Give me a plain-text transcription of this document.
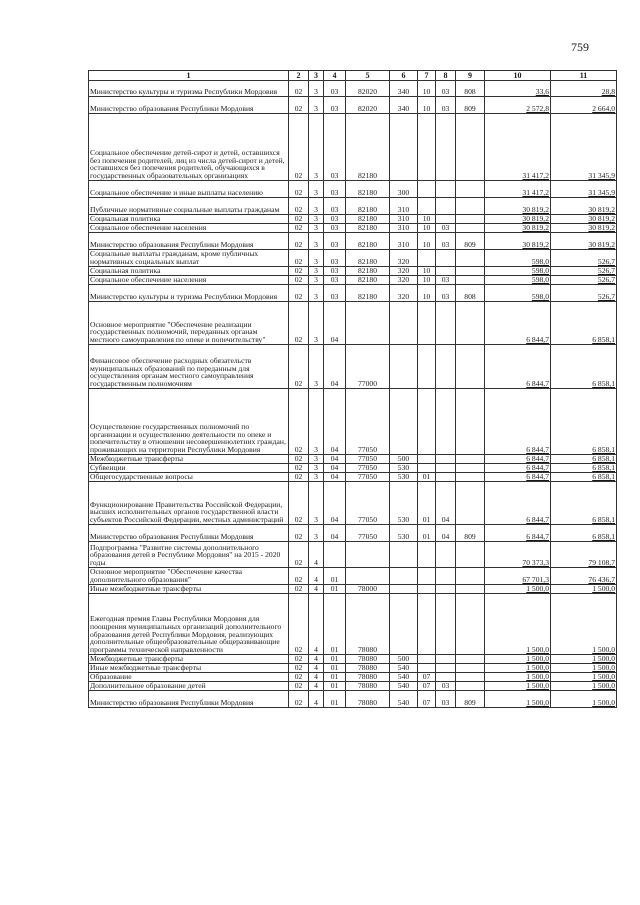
759
1	2	3	4	5	6	7	8	9	10	11
Министерство культуры и туризма Республики Мордовия	02	3	03	82020	340	10	03	808	33,6	28,8
Министерство образования Республики Мордовия	02	3	03	82020	340	10	03	809	2 572,8	2 664,0
Социальное обеспечение детей-сирот и детей, оставшихся без попечения родителей, лиц из числа детей-сирот и детей, оставшихся без попечения родителей, обучающихся в государственных образовательных организациях	02	3	03	82180					31 417,2	31 345,9
Социальное обеспечение и иные выплаты населению	02	3	03	82180	300				31 417,2	31 345,9
Публичные нормативные социальные выплаты гражданам	02	3	03	82180	310				30 819,2	30 819,2
Социальная политика	02	3	03	82180	310	10			30 819,2	30 819,2
Социальное обеспечение населения	02	3	03	82180	310	10	03		30 819,2	30 819,2
Министерство образования Республики Мордовия	02	3	03	82180	310	10	03	809	30 819,2	30 819,2
Социальные выплаты гражданам, кроме публичных нормативных социальных выплат	02	3	03	82180	320				598,0	526,7
Социальная политика	02	3	03	82180	320	10			598,0	526,7
Социальное обеспечение населения	02	3	03	82180	320	10	03		598,0	526,7
Министерство культуры и туризма Республики Мордовия	02	3	03	82180	320	10	03	808	598,0	526,7
Основное мероприятие "Обеспечение реализации государственных полномочий, переданных органам местного самоуправления по опеке и попечительству"	02	3	04						6 844,7	6 858,1
Финансовое обеспечение расходных обязательств муниципальных образований по переданным для осуществления органам местного самоуправления государственным полномочиям	02	3	04	77000					6 844,7	6 858,1
Осуществление государственных полномочий по организации и осуществлению деятельности по опеке и попечительству в отношении несовершеннолетних граждан, проживающих на территории Республики Мордовия	02	3	04	77050					6 844,7	6 858,1
Межбюджетные трансферты	02	3	04	77050	500				6 844,7	6 858,1
Субвенции	02	3	04	77050	530				6 844,7	6 858,1
Общегосударственные вопросы	02	3	04	77050	530	01			6 844,7	6 858,1
Функционирование Правительства Российской Федерации, высших исполнительных органов государственной власти субъектов Российской Федерации, местных администраций	02	3	04	77050	530	01	04		6 844,7	6 858,1
Министерство образования Республики Мордовия	02	3	04	77050	530	01	04	809	6 844,7	6 858,1
Подпрограмма "Развитие системы дополнительного образования детей в Республике Мордовия" на 2015 - 2020 годы	02	4							70 373,3	79 108,7
Основное мероприятие "Обеспечение качества дополнительного образования"	02	4	01						67 701,3	76 436,7
Иные межбюджетные трансферты	02	4	01	78000					1 500,0	1 500,0
Ежегодная премия Главы Республики Мордовия для поощрения муниципальных организаций дополнительного образования детей Республики Мордовия, реализующих дополнительные общеобразовательные общеразвивающие программы технической направленности	02	4	01	78080					1 500,0	1 500,0
Межбюджетные трансферты	02	4	01	78080	500				1 500,0	1 500,0
Иные межбюджетные трансферты	02	4	01	78080	540				1 500,0	1 500,0
Образование	02	4	01	78080	540	07			1 500,0	1 500,0
Дополнительное образование детей	02	4	01	78080	540	07	03		1 500,0	1 500,0
Министерство образования Республики Мордовия	02	4	01	78080	540	07	03	809	1 500,0	1 500,0
